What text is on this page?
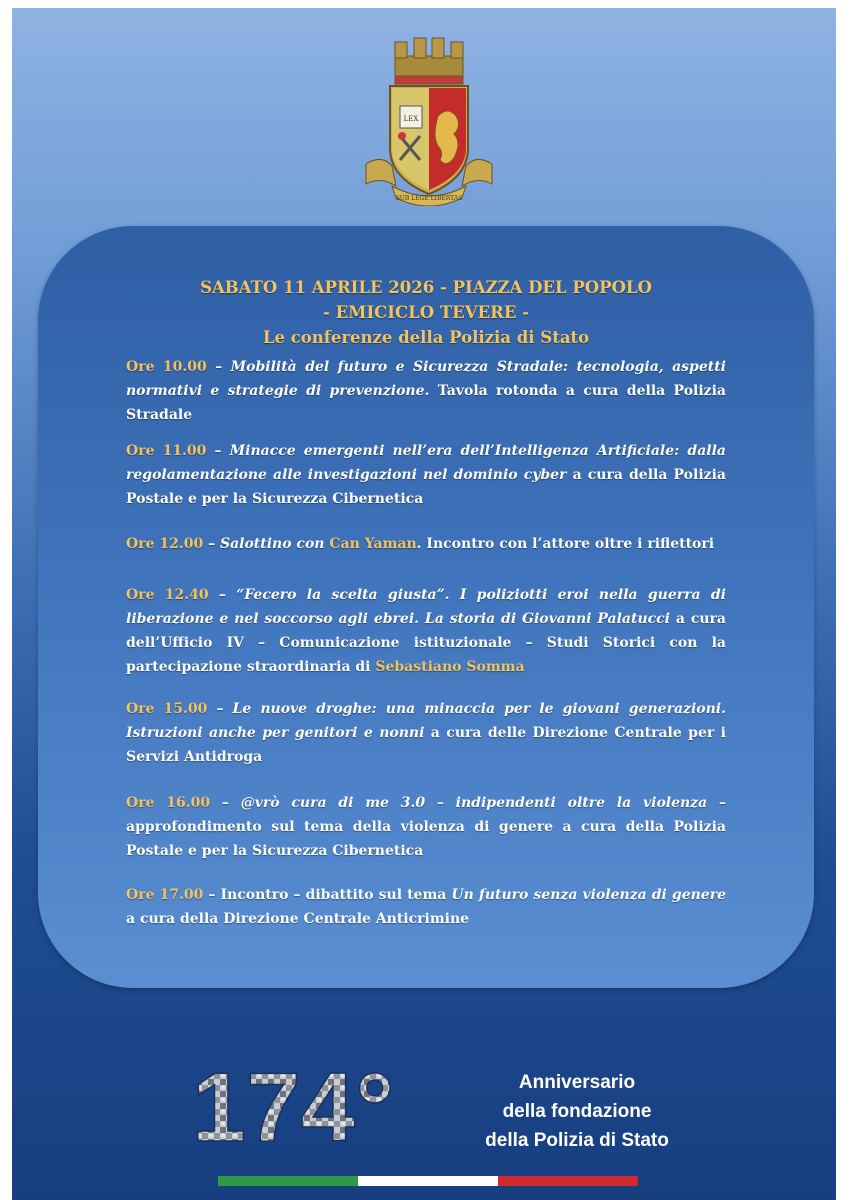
LEX
SUB LEGE LIBERTAS
SABATO 11 APRILE 2026 - PIAZZA DEL POPOLO
- EMICICLO TEVERE -
Le conferenze della Polizia di Stato
Ore 10.00 – Mobilità del futuro e Sicurezza Stradale: tecnologia, aspetti normativi e strategie di prevenzione. Tavola rotonda a cura della Polizia Stradale
Ore 11.00 – Minacce emergenti nell’era dell’Intelligenza Artificiale: dalla regolamentazione alle investigazioni nel dominio cyber a cura della Polizia Postale e per la Sicurezza Cibernetica
Ore 12.00 – Salottino con Can Yaman. Incontro con l’attore oltre i riflettori
Ore 12.40 – “Fecero la scelta giusta”. I poliziotti eroi nella guerra di liberazione e nel soccorso agli ebrei. La storia di Giovanni Palatucci a cura dell’Ufficio IV – Comunicazione istituzionale – Studi Storici con la partecipazione straordinaria di Sebastiano Somma
Ore 15.00 – Le nuove droghe: una minaccia per le giovani generazioni. Istruzioni anche per genitori e nonni a cura delle Direzione Centrale per i Servizi Antidroga
Ore 16.00 – @vrò cura di me 3.0 – indipendenti oltre la violenza – approfondimento sul tema della violenza di genere a cura della Polizia Postale e per la Sicurezza Cibernetica
Ore 17.00 – Incontro – dibattito sul tema Un futuro senza violenza di genere a cura della Direzione Centrale Anticrimine
174°	Anniversario
della fondazione
della Polizia di Stato
